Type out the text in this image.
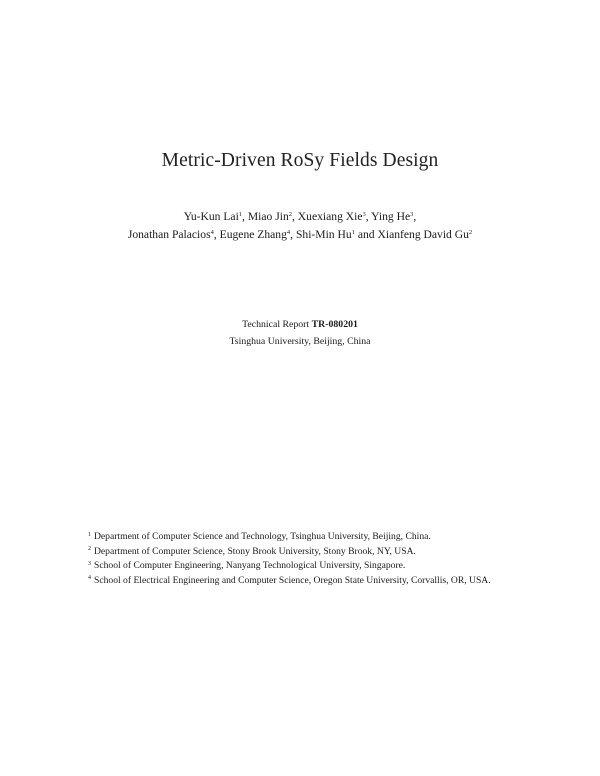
Metric-Driven RoSy Fields Design
Yu-Kun Lai$^1$, Miao Jin$^2$, Xuexiang Xie$^3$, Ying He$^3$,
Jonathan Palacios$^4$, Eugene Zhang$^4$, Shi-Min Hu$^1$ and Xianfeng David Gu$^2$
Technical Report TR-080201
Tsinghua University, Beijing, China

$^1$ Department of Computer Science and Technology, Tsinghua University, Beijing, China.

$^2$ Department of Computer Science, Stony Brook University, Stony Brook, NY, USA.

$^3$ School of Computer Engineering, Nanyang Technological University, Singapore.

$^4$ School of Electrical Engineering and Computer Science, Oregon State University, Corvallis, OR, USA.
